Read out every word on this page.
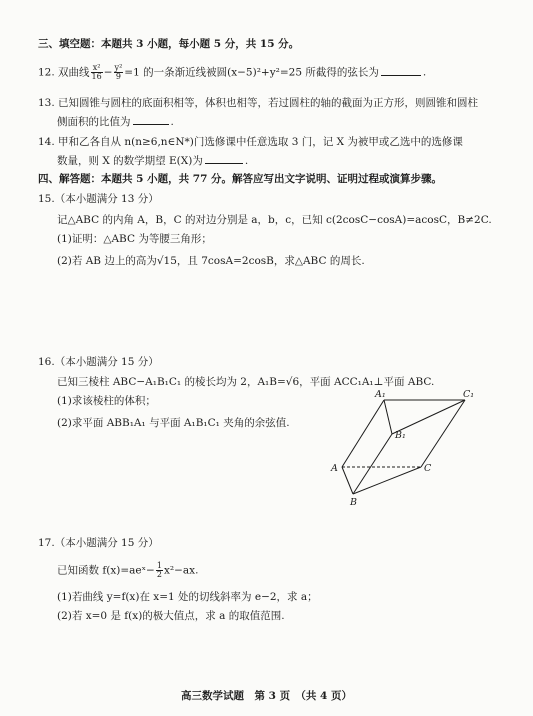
三、填空题：本题共 3 小题，每小题 5 分，共 15 分。
12. 双曲线 $\frac{\text{x²}}{16} - \frac{\text{y²}}{9} =1$ 的一条渐近线被圆(x−5)²+y²=25 所截得的弦长为	.
13. 已知圆锥与圆柱的底面积相等，体积也相等，若过圆柱的轴的截面为正方形，则圆锥和圆柱
侧面积的比值为	.
14. 甲和乙各自从 n(n≥6,n∈N*)门选修课中任意选取 3 门，记 X 为被甲或乙选中的选修课
数量，则 X 的数学期望 E(X)为	.
四、解答题：本题共 5 小题，共 77 分。解答应写出文字说明、证明过程或演算步骤。
15.（本小题满分 13 分）
记△ABC 的内角 A，B，C 的对边分别是 a，b，c，已知 c(2cosC−cosA)=acosC，B≠2C.
(1)证明：△ABC 为等腰三角形；
(2)若 AB 边上的高为√15，且 7cosA=2cosB，求△ABC 的周长.
16.（本小题满分 15 分）
已知三棱柱 ABC−A₁B₁C₁ 的棱长均为 2，A₁B=√6，平面 ACC₁A₁⊥平面 ABC.
(1)求该棱柱的体积；
(2)求平面 ABB₁A₁ 与平面 A₁B₁C₁ 夹角的余弦值.
A₁	C₁
B₁
A	C
B
17.（本小题满分 15 分）
已知函数 f(x)=aeˣ− $\frac{1}{2} x^2-ax$.
(1)若曲线 y=f(x)在 x=1 处的切线斜率为 e−2，求 a；
(2)若 x=0 是 f(x)的极大值点，求 a 的取值范围.
高三数学试题　第 3 页　（共 4 页）
